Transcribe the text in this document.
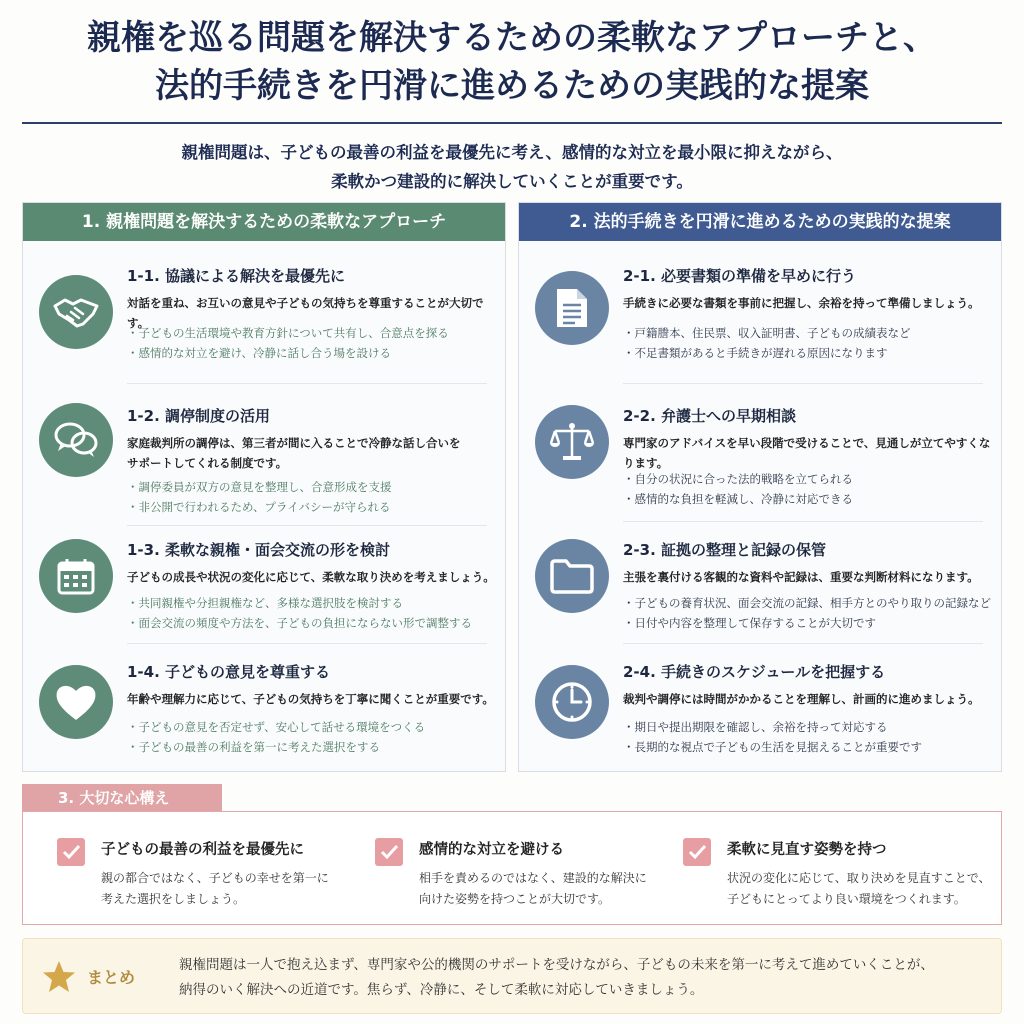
親権を巡る問題を解決するための柔軟なアプローチと、
法的手続きを円滑に進めるための実践的な提案
親権問題は、子どもの最善の利益を最優先に考え、感情的な対立を最小限に抑えながら、
柔軟かつ建設的に解決していくことが重要です。
1. 親権問題を解決するための柔軟なアプローチ
1-1. 協議による解決を最優先に
対話を重ね、お互いの意見や子どもの気持ちを尊重することが大切です。
・ 子どもの生活環境や教育方針について共有し、合意点を探る
・ 感情的な対立を避け、冷静に話し合う場を設ける
1-2. 調停制度の活用
家庭裁判所の調停は、第三者が間に入ることで冷静な話し合いを
サポートしてくれる制度です。
・ 調停委員が双方の意見を整理し、合意形成を支援
・ 非公開で行われるため、プライバシーが守られる
1-3. 柔軟な親権・面会交流の形を検討
子どもの成長や状況の変化に応じて、柔軟な取り決めを考えましょう。
・ 共同親権や分担親権など、多様な選択肢を検討する
・ 面会交流の頻度や方法を、子どもの負担にならない形で調整する
1-4. 子どもの意見を尊重する
年齢や理解力に応じて、子どもの気持ちを丁寧に聞くことが重要です。
・ 子どもの意見を否定せず、安心して話せる環境をつくる
・ 子どもの最善の利益を第一に考えた選択をする
2. 法的手続きを円滑に進めるための実践的な提案
2-1. 必要書類の準備を早めに行う
手続きに必要な書類を事前に把握し、余裕を持って準備しましょう。
・ 戸籍謄本、住民票、収入証明書、子どもの成績表など
・ 不足書類があると手続きが遅れる原因になります
2-2. 弁護士への早期相談
専門家のアドバイスを早い段階で受けることで、見通しが立てやすくなります。
・ 自分の状況に合った法的戦略を立てられる
・ 感情的な負担を軽減し、冷静に対応できる
2-3. 証拠の整理と記録の保管
主張を裏付ける客観的な資料や記録は、重要な判断材料になります。
・ 子どもの養育状況、面会交流の記録、相手方とのやり取りの記録など
・ 日付や内容を整理して保存することが大切です
2-4. 手続きのスケジュールを把握する
裁判や調停には時間がかかることを理解し、計画的に進めましょう。
・ 期日や提出期限を確認し、余裕を持って対応する
・ 長期的な視点で子どもの生活を見据えることが重要です
3. 大切な心構え
子どもの最善の利益を最優先に
親の都合ではなく、子どもの幸せを第一に
考えた選択をしましょう。
感情的な対立を避ける
相手を責めるのではなく、建設的な解決に
向けた姿勢を持つことが大切です。
柔軟に見直す姿勢を持つ
状況の変化に応じて、取り決めを見直すことで、
子どもにとってより良い環境をつくれます。
まとめ
親権問題は一人で抱え込まず、専門家や公的機関のサポートを受けながら、子どもの未来を第一に考えて進めていくことが、
納得のいく解決への近道です。焦らず、冷静に、そして柔軟に対応していきましょう。
